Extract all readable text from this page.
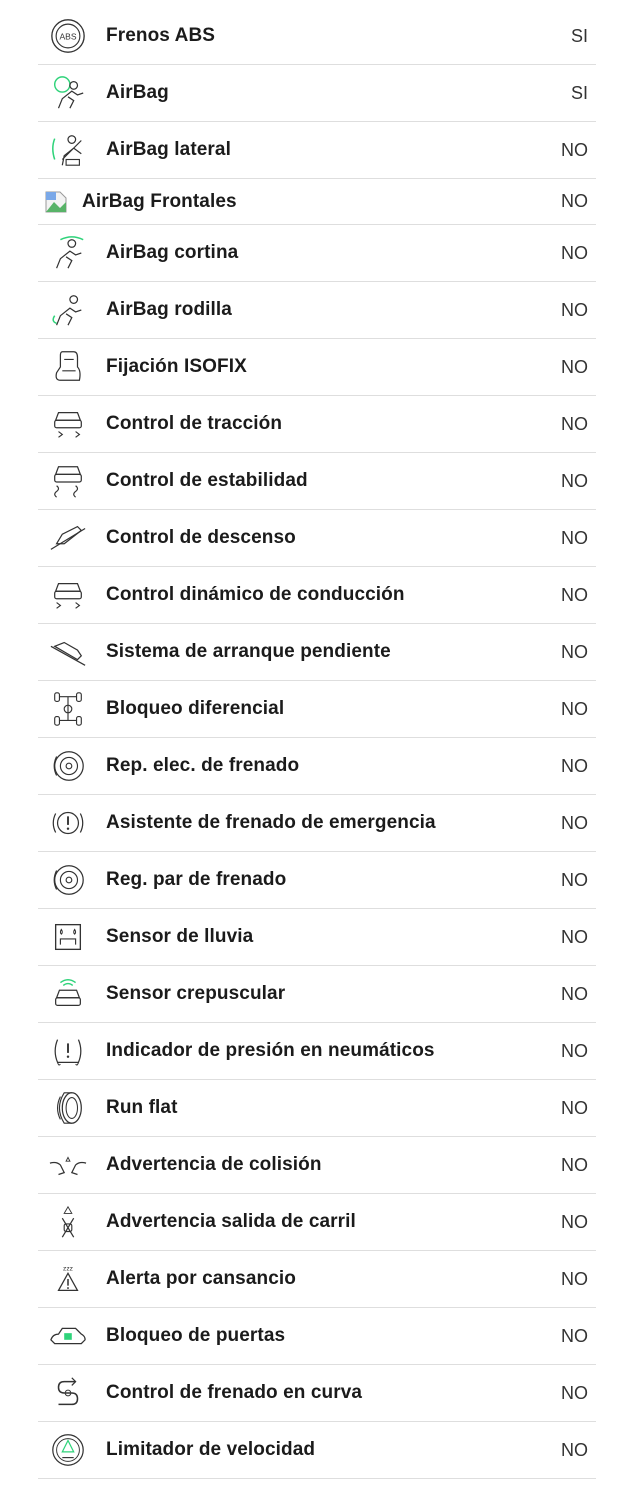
ABS Frenos ABS	SI
AirBag	SI
AirBag lateral	NO
AirBag Frontales	NO
AirBag cortina	NO
AirBag rodilla	NO
Fijación ISOFIX	NO
Control de tracción	NO
Control de estabilidad	NO
Control de descenso	NO
Control dinámico de conducción	NO
Sistema de arranque pendiente	NO
Bloqueo diferencial	NO
Rep. elec. de frenado	NO
Asistente de frenado de emergencia	NO
Reg. par de frenado	NO
Sensor de lluvia	NO
Sensor crepuscular	NO
Indicador de presión en neumáticos	NO
Run flat	NO
Advertencia de colisión	NO
Advertencia salida de carril	NO
zzz Alerta por cansancio	NO
Bloqueo de puertas	NO
Control de frenado en curva	NO
Limitador de velocidad	NO
